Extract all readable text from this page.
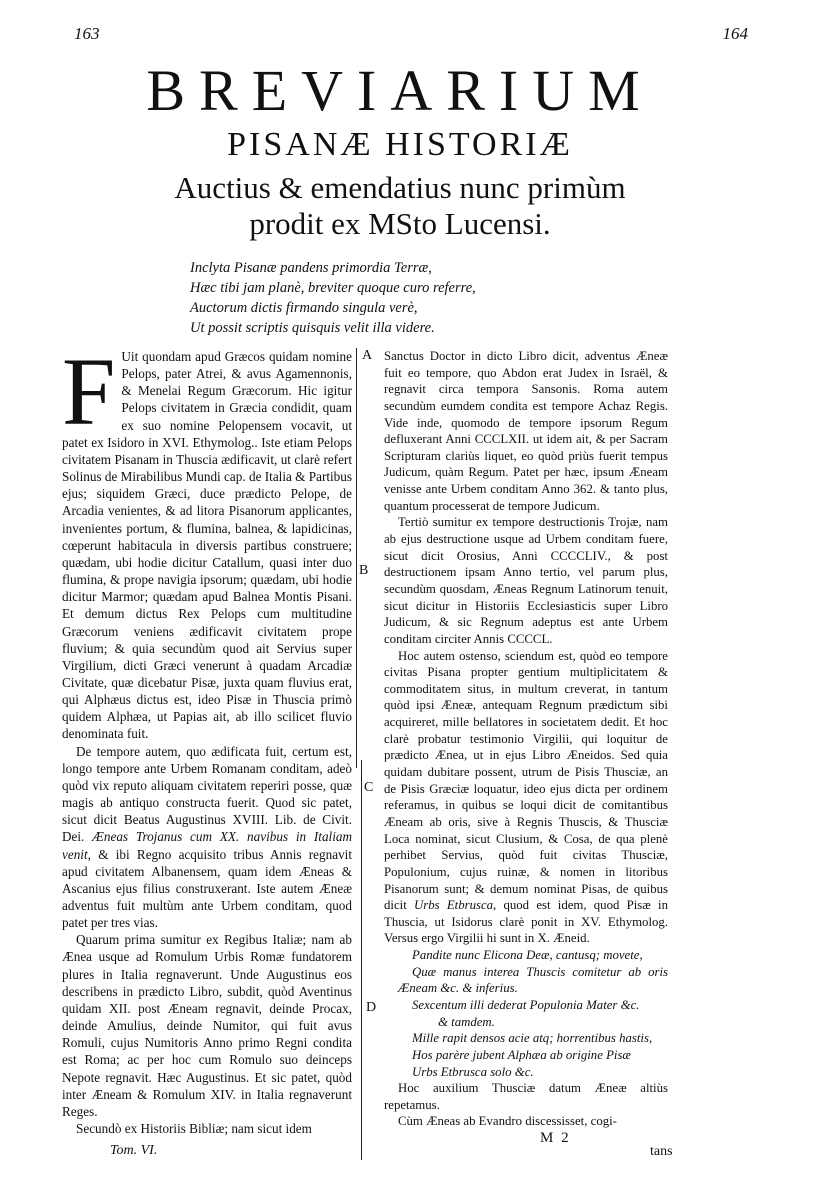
163	164
BREVIARIUM
PISANÆ HISTORIÆ
Auctius & emendatius nunc primùm
prodit ex MSto Lucensi.
Inclyta Pisanæ pandens primordia Terræ,
Hæc tibi jam planè, breviter quoque curo referre,
Auctorum dictis firmando singula verè,
Ut possit scriptis quisquis velit illa videre.
A
B
C
D

F Uit quondam apud Græcos quidam nomine Pelops, pater Atrei, & avus Agamennonis, & Menelai Regum Græcorum. Hic igitur Pelops civitatem in Græcia condidit, quam ex suo nomine Pelopensem vocavit, ut patet ex Isidoro in XVI. Ethymolog.. Iste etiam Pelops civitatem Pisanam in Thuscia ædificavit, ut clarè refert Solinus de Mirabilibus Mundi cap. de Italia & Partibus ejus; siquidem Græci, duce prædicto Pelope, de Arcadia venientes, & ad litora Pisanorum applicantes, invenientes portum, & flumina, balnea, & lapidicinas, cœperunt habitacula in diversis partibus construere; quædam, ubi hodie dicitur Catallum, quasi inter duo flumina, & prope navigia ipsorum; quædam, ubi hodie dicitur Marmor; quædam apud Balnea Montis Pisani. Et demum dictus Rex Pelops cum multitudine Græcorum veniens ædificavit civitatem prope fluvium; & quia secundùm quod ait Servius super Virgilium, dicti Græci venerunt à quadam Arcadiæ Civitate, quæ dicebatur Pisæ, juxta quam fluvius erat, qui Alphæus dictus est, ideo Pisæ in Thuscia primò quidem Alphæa, ut Papias ait, ab illo scilicet fluvio denominata fuit.

De tempore autem, quo ædificata fuit, certum est, longo tempore ante Urbem Romanam conditam, adeò quòd vix reputo aliquam civitatem reperiri posse, quæ magis ab antiquo constructa fuerit. Quod sic patet, sicut dicit Beatus Augustinus XVIII. Lib. de Civit. Dei. Æneas Trojanus cum XX. navibus in Italiam venit, & ibi Regno acquisito tribus Annis regnavit apud civitatem Albanensem, quam idem Æneas & Ascanius ejus filius construxerant. Iste autem Æneæ adventus fuit multùm ante Urbem conditam, quod patet per tres vias.

Quarum prima sumitur ex Regibus Italiæ; nam ab Ænea usque ad Romulum Urbis Romæ fundatorem plures in Italia regnaverunt. Unde Augustinus eos describens in prædicto Libro, subdit, quòd Aventinus quidam XII. post Æneam regnavit, deinde Procax, deinde Amulius, deinde Numitor, qui fuit avus Romuli, cujus Numitoris Anno primo Regni condita est Roma; ac per hoc cum Romulo suo deinceps Nepote regnavit. Hæc Augustinus. Et sic patet, quòd inter Æneam & Romulum XIV. in Italia regnaverunt Reges.

Secundò ex Historiis Bibliæ; nam sicut idem

Sanctus Doctor in dicto Libro dicit, adventus Æneæ fuit eo tempore, quo Abdon erat Judex in Israël, & regnavit circa tempora Sansonis. Roma autem secundùm eumdem condita est tempore Achaz Regis. Vide inde, quomodo de tempore ipsorum Regum defluxerant Anni CCCLXII. ut idem ait, & per Sacram Scripturam clariùs liquet, eo quòd priùs fuerit tempus Judicum, quàm Regum. Patet per hæc, ipsum Æneam venisse ante Urbem conditam Anno 362. & tanto plus, quantum processerat de tempore Judicum.

Tertiò sumitur ex tempore destructionis Trojæ, nam ab ejus destructione usque ad Urbem conditam fuere, sicut dicit Orosius, Anni CCCCLIV., & post destructionem ipsam Anno tertio, vel parum plus, secundùm quosdam, Æneas Regnum Latinorum tenuit, sicut dicitur in Historiis Ecclesiasticis super Libro Judicum, & sic Regnum adeptus est ante Urbem conditam circiter Annis CCCCL.

Hoc autem ostenso, sciendum est, quòd eo tempore civitas Pisana propter gentium multiplicitatem & commoditatem situs, in multum creverat, in tantum quòd ipsi Æneæ, antequam Regnum prædictum sibi acquireret, mille bellatores in societatem dedit. Et hoc clarè probatur testimonio Virgilii, qui loquitur de prædicto Ænea, ut in ejus Libro Æneidos. Sed quia quidam dubitare possent, utrum de Pisis Thusciæ, an de Pisis Græciæ loquatur, ideo ejus dicta per ordinem referamus, in quibus se loqui dicit de comitantibus Æneam ab oris, sive à Regnis Thuscis, & Thusciæ Loca nominat, sicut Clusium, & Cosa, de qua plenè perhibet Servius, quòd fuit civitas Thusciæ, Populonium, cujus ruinæ, & nomen in litoribus Pisanorum sunt; & demum nominat Pisas, de quibus dicit Urbs Etbrusca, quod est idem, quod Pisæ in Thuscia, ut Isidorus clarè ponit in XV. Ethymolog. Versus ergo Virgilii hi sunt in X. Æneid.

Pandite nunc Elicona Deæ, cantusq; movete,

Quæ manus interea Thuscis comitetur ab oris Æneam &c. & inferius.

Sexcentum illi dederat Populonia Mater &c.

& tamdem.

Mille rapit densos acie atq; horrentibus hastis,

Hos parère jubent Alphæa ab origine Pisæ

Urbs Etbrusca solo &c.

Hoc auxilium Thusciæ datum Æneæ altiùs repetamus.

Cùm Æneas ab Evandro discessisset, cogi-

Tom. VI.
M 2
tans
